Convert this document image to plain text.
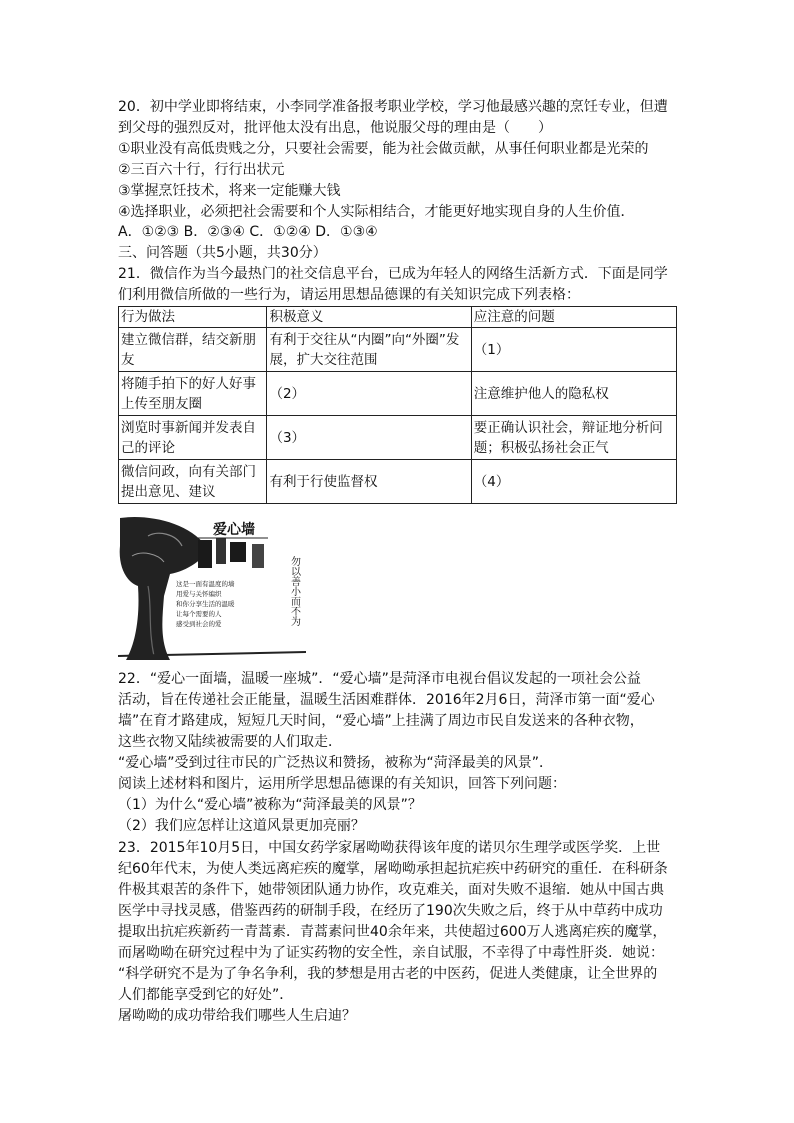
20．初中学业即将结束，小李同学准备报考职业学校，学习他最感兴趣的烹饪专业，但遭
到父母的强烈反对，批评他太没有出息，他说服父母的理由是（　　）
①职业没有高低贵贱之分，只要社会需要，能为社会做贡献，从事任何职业都是光荣的
②三百六十行，行行出状元
③掌握烹饪技术，将来一定能赚大钱
④选择职业，必须把社会需要和个人实际相结合，才能更好地实现自身的人生价值．
A．①②③ B．②③④ C．①②④ D．①③④
三、问答题（共5小题，共30分）
21．微信作为当今最热门的社交信息平台，已成为年轻人的网络生活新方式．下面是同学
们利用微信所做的一些行为，请运用思想品德课的有关知识完成下列表格：
行为做法	积极意义	应注意的问题
建立微信群，结交新朋友	有利于交往从“内圈”向“外圈”发展，扩大交往范围	（1）
将随手拍下的好人好事上传至朋友圈	（2）	注意维护他人的隐私权
浏览时事新闻并发表自己的评论	（3）	要正确认识社会，辩证地分析问题；积极弘扬社会正气
微信问政，向有关部门提出意见、建议	有利于行使监督权	（4）
爱心墙
勿以善小而不为
这是一面有温度的墙
用爱与关怀编织
和你分享生活的温暖
让每个需要的人
感受到社会的爱
22．“爱心一面墙，温暖一座城”．“爱心墙”是菏泽市电视台倡议发起的一项社会公益
活动，旨在传递社会正能量，温暖生活困难群体．2016年2月6日，菏泽市第一面“爱心
墙”在育才路建成，短短几天时间，“爱心墙”上挂满了周边市民自发送来的各种衣物，
这些衣物又陆续被需要的人们取走．
“爱心墙”受到过往市民的广泛热议和赞扬，被称为“菏泽最美的风景”．
阅读上述材料和图片，运用所学思想品德课的有关知识，回答下列问题：
（1）为什么“爱心墙”被称为“菏泽最美的风景”？
（2）我们应怎样让这道风景更加亮丽？
23．2015年10月5日，中国女药学家屠呦呦获得该年度的诺贝尔生理学或医学奖．上世
纪60年代末，为使人类远离疟疾的魔掌，屠呦呦承担起抗疟疾中药研究的重任．在科研条
件极其艰苦的条件下，她带领团队通力协作，攻克难关，面对失败不退缩．她从中国古典
医学中寻找灵感，借鉴西药的研制手段，在经历了190次失败之后，终于从中草药中成功
提取出抗疟疾新药一青蒿素．青蒿素问世40余年来，共使超过600万人逃离疟疾的魔掌，
而屠呦呦在研究过程中为了证实药物的安全性，亲自试服，不幸得了中毒性肝炎．她说：
“科学研究不是为了争名争利，我的梦想是用古老的中医药，促进人类健康，让全世界的
人们都能享受到它的好处”．
屠呦呦的成功带给我们哪些人生启迪？
